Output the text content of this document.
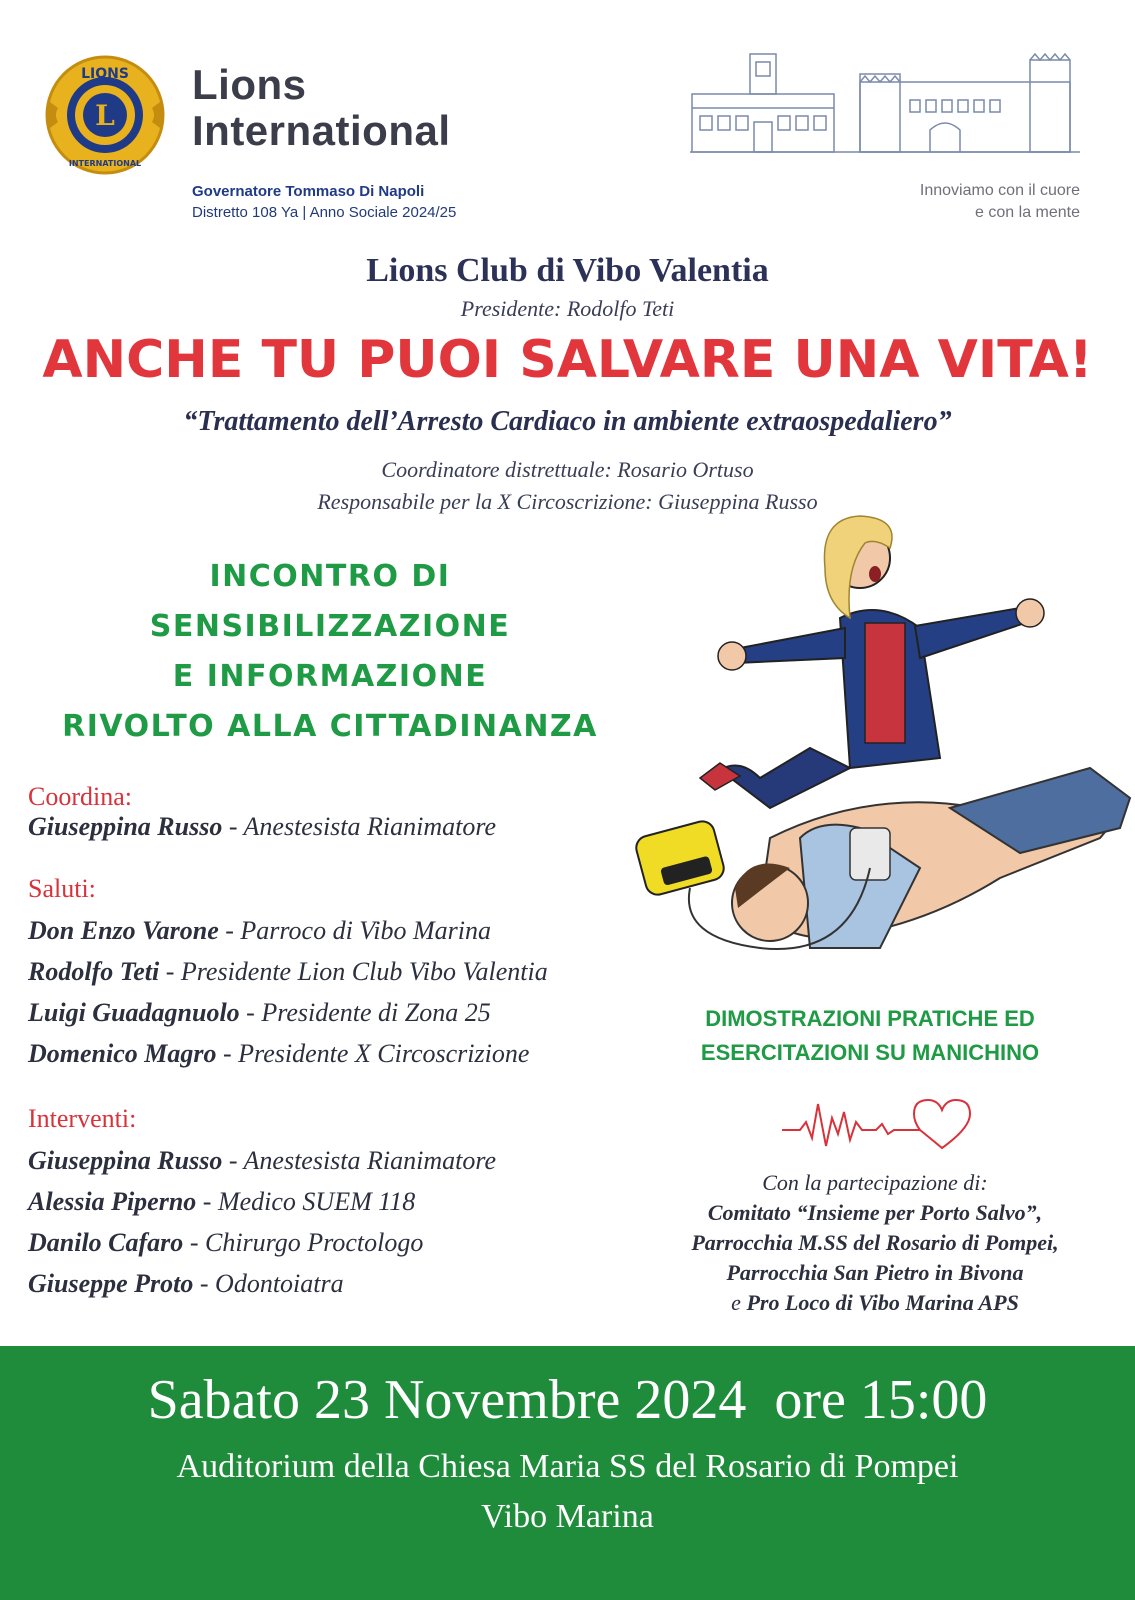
L
LIONS
INTERNATIONAL
Lions
International
Governatore Tommaso Di Napoli
Distretto 108 Ya | Anno Sociale 2024/25
Innoviamo con il cuore
e con la mente
Lions Club di Vibo Valentia
Presidente: Rodolfo Teti
ANCHE TU PUOI SALVARE UNA VITA!
“Trattamento dell’Arresto Cardiaco in ambiente extraospedaliero”
Coordinatore distrettuale: Rosario Ortuso
Responsabile per la X Circoscrizione: Giuseppina Russo
INCONTRO DI
SENSIBILIZZAZIONE
E INFORMAZIONE
RIVOLTO ALLA CITTADINANZA
Coordina:
Giuseppina Russo - Anestesista Rianimatore
Saluti:
Don Enzo Varone - Parroco di Vibo Marina
Rodolfo Teti - Presidente Lion Club Vibo Valentia
Luigi Guadagnuolo - Presidente di Zona 25
Domenico Magro - Presidente X Circoscrizione
Interventi:
Giuseppina Russo - Anestesista Rianimatore
Alessia Piperno - Medico SUEM 118
Danilo Cafaro - Chirurgo Proctologo
Giuseppe Proto - Odontoiatra
DIMOSTRAZIONI PRATICHE ED
ESERCITAZIONI SU MANICHINO
Con la partecipazione di:
Comitato “Insieme per Porto Salvo”,
Parrocchia M.SS del Rosario di Pompei,
Parrocchia San Pietro in Bivona
e Pro Loco di Vibo Marina APS
Sabato 23 Novembre 2024  ore 15:00
Auditorium della Chiesa Maria SS del Rosario di Pompei
Vibo Marina
